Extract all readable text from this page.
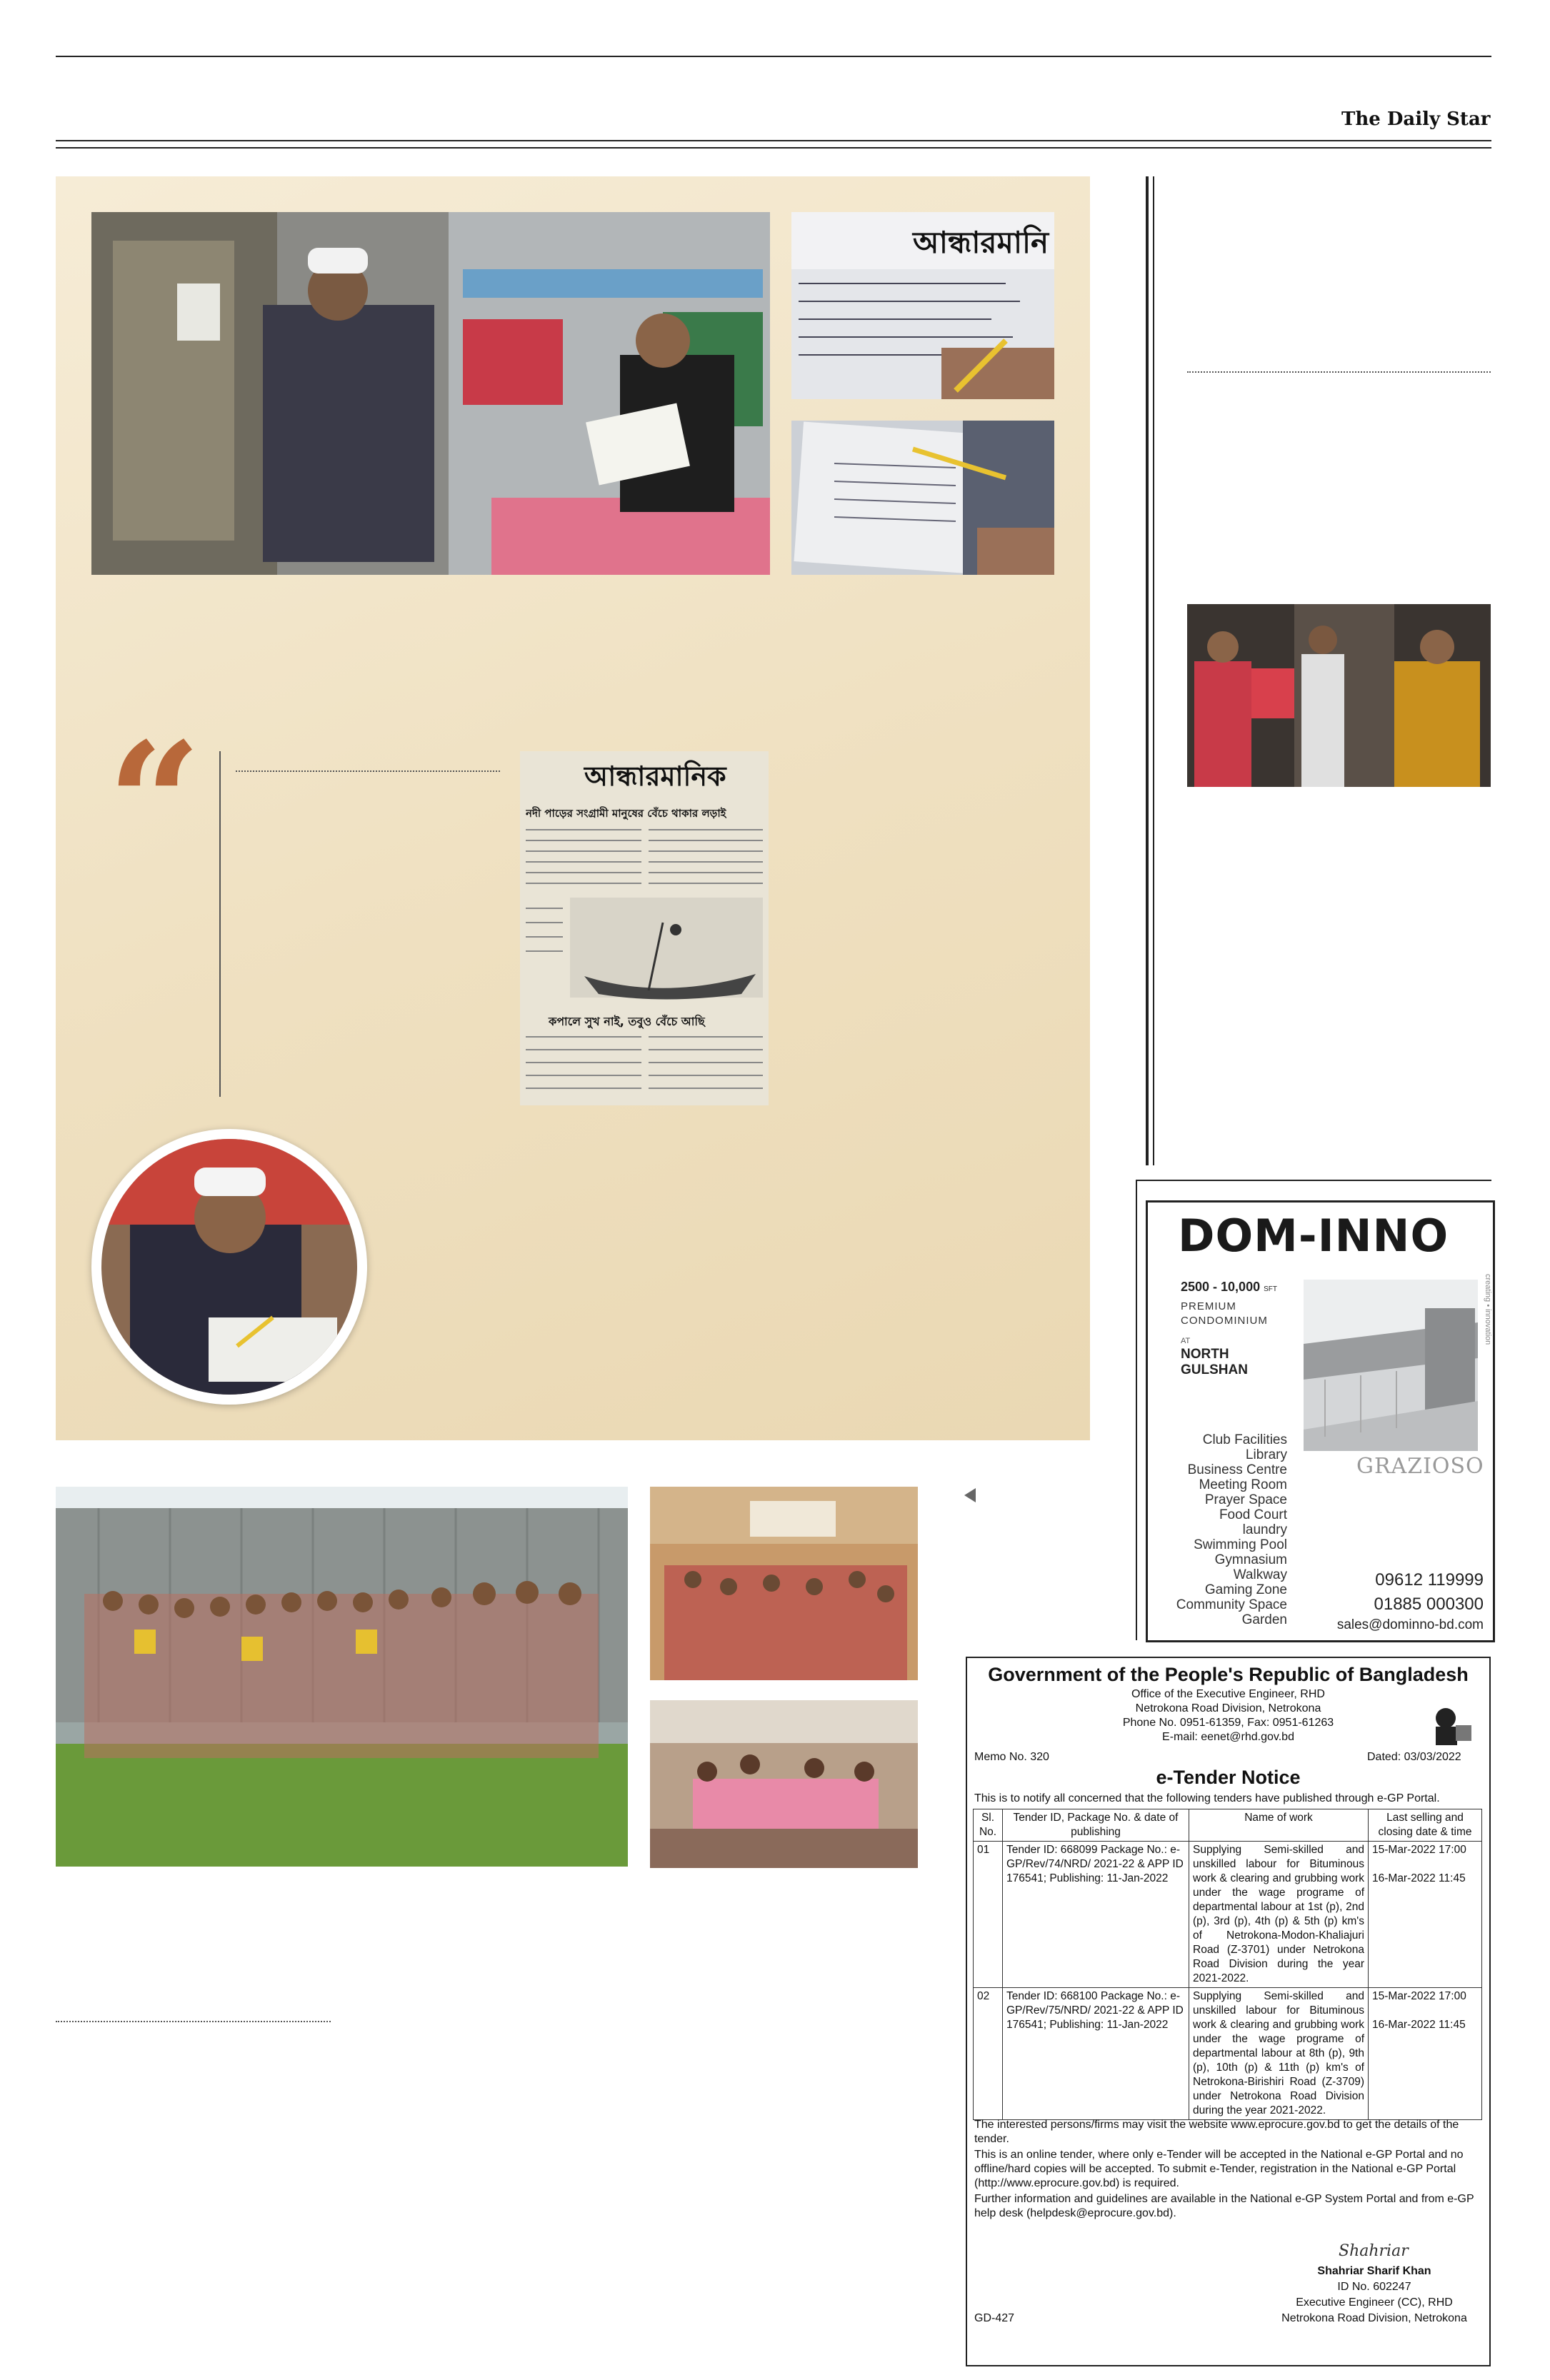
The Daily Star
আন্ধারমানি
“	আন্ধারমানিক
নদী পাড়ের সংগ্রামী মানুষের বেঁচে থাকার লড়াই
কপালে সুখ নাই, তবুও বেঁচে আছি
DOM-INNO
2500 - 10,000 SFT
PREMIUM
CONDOMINIUM
AT
NORTH
GULSHAN
GRAZIOSO
creating • innovation
Club Facilities
Library
Business Centre
Meeting Room
Prayer Space
Food Court
laundry
Swimming Pool
Gymnasium
Walkway
Gaming Zone
Community Space
Garden
09612 119999
01885 000300
sales@dominno-bd.com
Government of the People's Republic of Bangladesh
Office of the Executive Engineer, RHD
Netrokona Road Division, Netrokona
Phone No. 0951-61359, Fax: 0951-61263
E-mail: eenet@rhd.gov.bd
Memo No. 320
e-Tender Notice
Dated: 03/03/2022
This is to notify all concerned that the following tenders have published through e-GP Portal.
Sl. No.	Tender ID, Package No. & date of publishing	Name of work	Last selling and closing date & time
01	Tender ID: 668099 Package No.: e-GP/Rev/74/NRD/ 2021-22 & APP ID 176541; Publishing: 11-Jan-2022	Supplying Semi-skilled and unskilled labour for Bituminous work & clearing and grubbing work under the wage programe of departmental labour at 1st (p), 2nd (p), 3rd (p), 4th (p) & 5th (p) km's of Netrokona-Modon-Khaliajuri Road (Z-3701) under Netrokona Road Division during the year 2021-2022.	15-Mar-2022 17:00
16-Mar-2022 11:45

02	Tender ID: 668100 Package No.: e-GP/Rev/75/NRD/ 2021-22 & APP ID 176541; Publishing: 11-Jan-2022	Supplying Semi-skilled and unskilled labour for Bituminous work & clearing and grubbing work under the wage programe of departmental labour at 8th (p), 9th (p), 10th (p) & 11th (p) km's of Netrokona-Birishiri Road (Z-3709) under Netrokona Road Division during the year 2021-2022.	15-Mar-2022 17:00
16-Mar-2022 11:45
The interested persons/firms may visit the website www.eprocure.gov.bd to get the details of the tender.
This is an online tender, where only e-Tender will be accepted in the National e-GP Portal and no offline/hard copies will be accepted. To submit e-Tender, registration in the National e-GP Portal (http://www.eprocure.gov.bd) is required.
Further information and guidelines are available in the National e-GP System Portal and from e-GP help desk (helpdesk@eprocure.gov.bd).
Shahriar
Shahriar Sharif Khan
ID No. 602247
Executive Engineer (CC), RHD
Netrokona Road Division, Netrokona
GD-427
